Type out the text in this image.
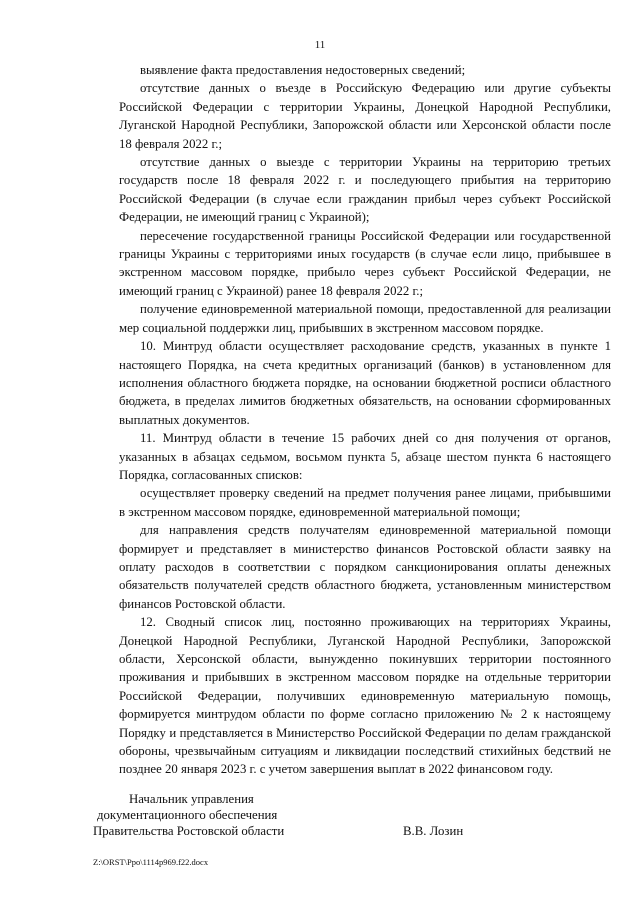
11

выявление факта предоставления недостоверных сведений;

отсутствие данных о въезде в Российскую Федерацию или другие субъекты Российской Федерации с территории Украины, Донецкой Народной Республики, Луганской Народной Республики, Запорожской области или Херсонской области после 18 февраля 2022 г.;

отсутствие данных о выезде с территории Украины на территорию третьих государств после 18 февраля 2022 г. и последующего прибытия на территорию Российской Федерации (в случае если гражданин прибыл через субъект Российской Федерации, не имеющий границ с Украиной);

пересечение государственной границы Российской Федерации или государственной границы Украины с территориями иных государств (в случае если лицо, прибывшее в экстренном массовом порядке, прибыло через субъект Российской Федерации, не имеющий границ с Украиной) ранее 18 февраля 2022 г.;

получение единовременной материальной помощи, предоставленной для реализации мер социальной поддержки лиц, прибывших в экстренном массовом порядке.

10. Минтруд области осуществляет расходование средств, указанных в пункте 1 настоящего Порядка, на счета кредитных организаций (банков) в установленном для исполнения областного бюджета порядке, на основании бюджетной росписи областного бюджета, в пределах лимитов бюджетных обязательств, на основании сформированных выплатных документов.

11. Минтруд области в течение 15 рабочих дней со дня получения от органов, указанных в абзацах седьмом, восьмом пункта 5, абзаце шестом пункта 6 настоящего Порядка, согласованных списков:

осуществляет проверку сведений на предмет получения ранее лицами, прибывшими в экстренном массовом порядке, единовременной материальной помощи;

для направления средств получателям единовременной материальной помощи формирует и представляет в министерство финансов Ростовской области заявку на оплату расходов в соответствии с порядком санкционирования оплаты денежных обязательств получателей средств областного бюджета, установленным министерством финансов Ростовской области.

12. Сводный список лиц, постоянно проживающих на территориях Украины, Донецкой Народной Республики, Луганской Народной Республики, Запорожской области, Херсонской области, вынужденно покинувших территории постоянного проживания и прибывших в экстренном массовом порядке на отдельные территории Российской Федерации, получивших единовременную материальную помощь, формируется минтрудом области по форме согласно приложению № 2 к настоящему Порядку и представляется в Министерство Российской Федерации по делам гражданской обороны, чрезвычайным ситуациям и ликвидации последствий стихийных бедствий не позднее 20 января 2023 г. с учетом завершения выплат в 2022 финансовом году.

Начальник управления
документационного обеспечения
Правительства Ростовской области	В.В. Лозин
Z:\ORST\Ppo\1114p969.f22.docx
